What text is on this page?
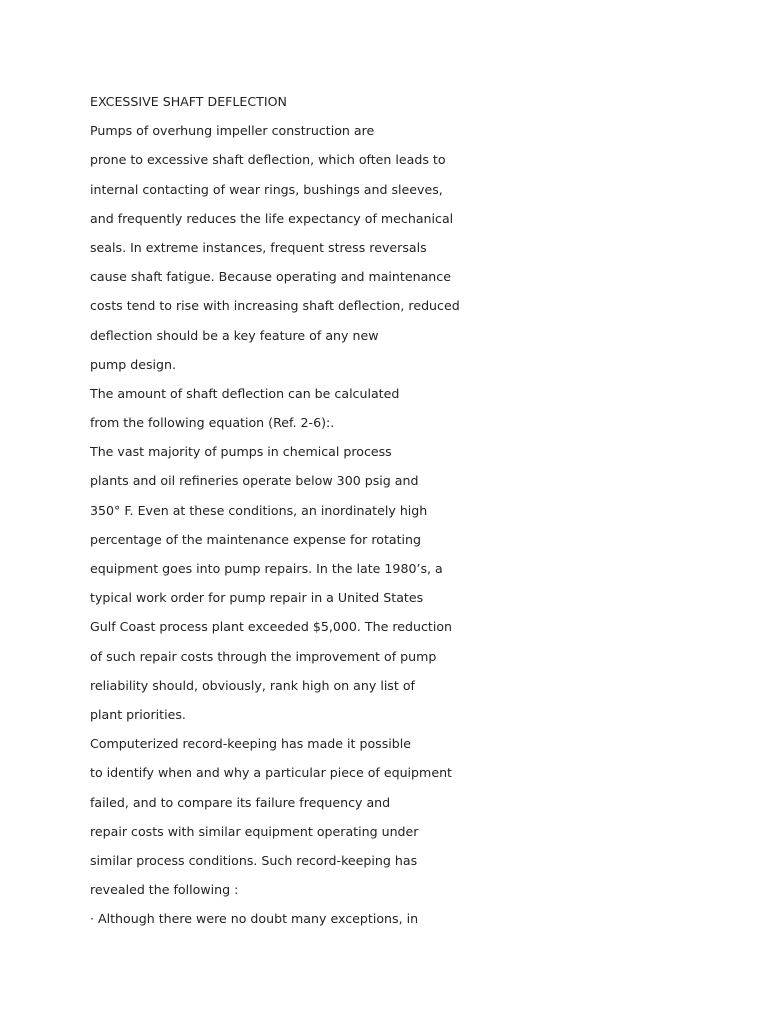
EXCESSIVE SHAFT DEFLECTION
Pumps of overhung impeller construction are
prone to excessive shaft deflection, which often leads to
internal contacting of wear rings, bushings and sleeves,
and frequently reduces the life expectancy of mechanical
seals. In extreme instances, frequent stress reversals
cause shaft fatigue. Because operating and maintenance
costs tend to rise with increasing shaft deflection, reduced
deflection should be a key feature of any new
pump design.
The amount of shaft deflection can be calculated
from the following equation (Ref. 2-6):.
The vast majority of pumps in chemical process
plants and oil refineries operate below 300 psig and
350° F. Even at these conditions, an inordinately high
percentage of the maintenance expense for rotating
equipment goes into pump repairs. In the late 1980’s, a
typical work order for pump repair in a United States
Gulf Coast process plant exceeded $5,000. The reduction
of such repair costs through the improvement of pump
reliability should, obviously, rank high on any list of
plant priorities.
Computerized record-keeping has made it possible
to identify when and why a particular piece of equipment
failed, and to compare its failure frequency and
repair costs with similar equipment operating under
similar process conditions. Such record-keeping has
revealed the following :
· Although there were no doubt many exceptions, in
